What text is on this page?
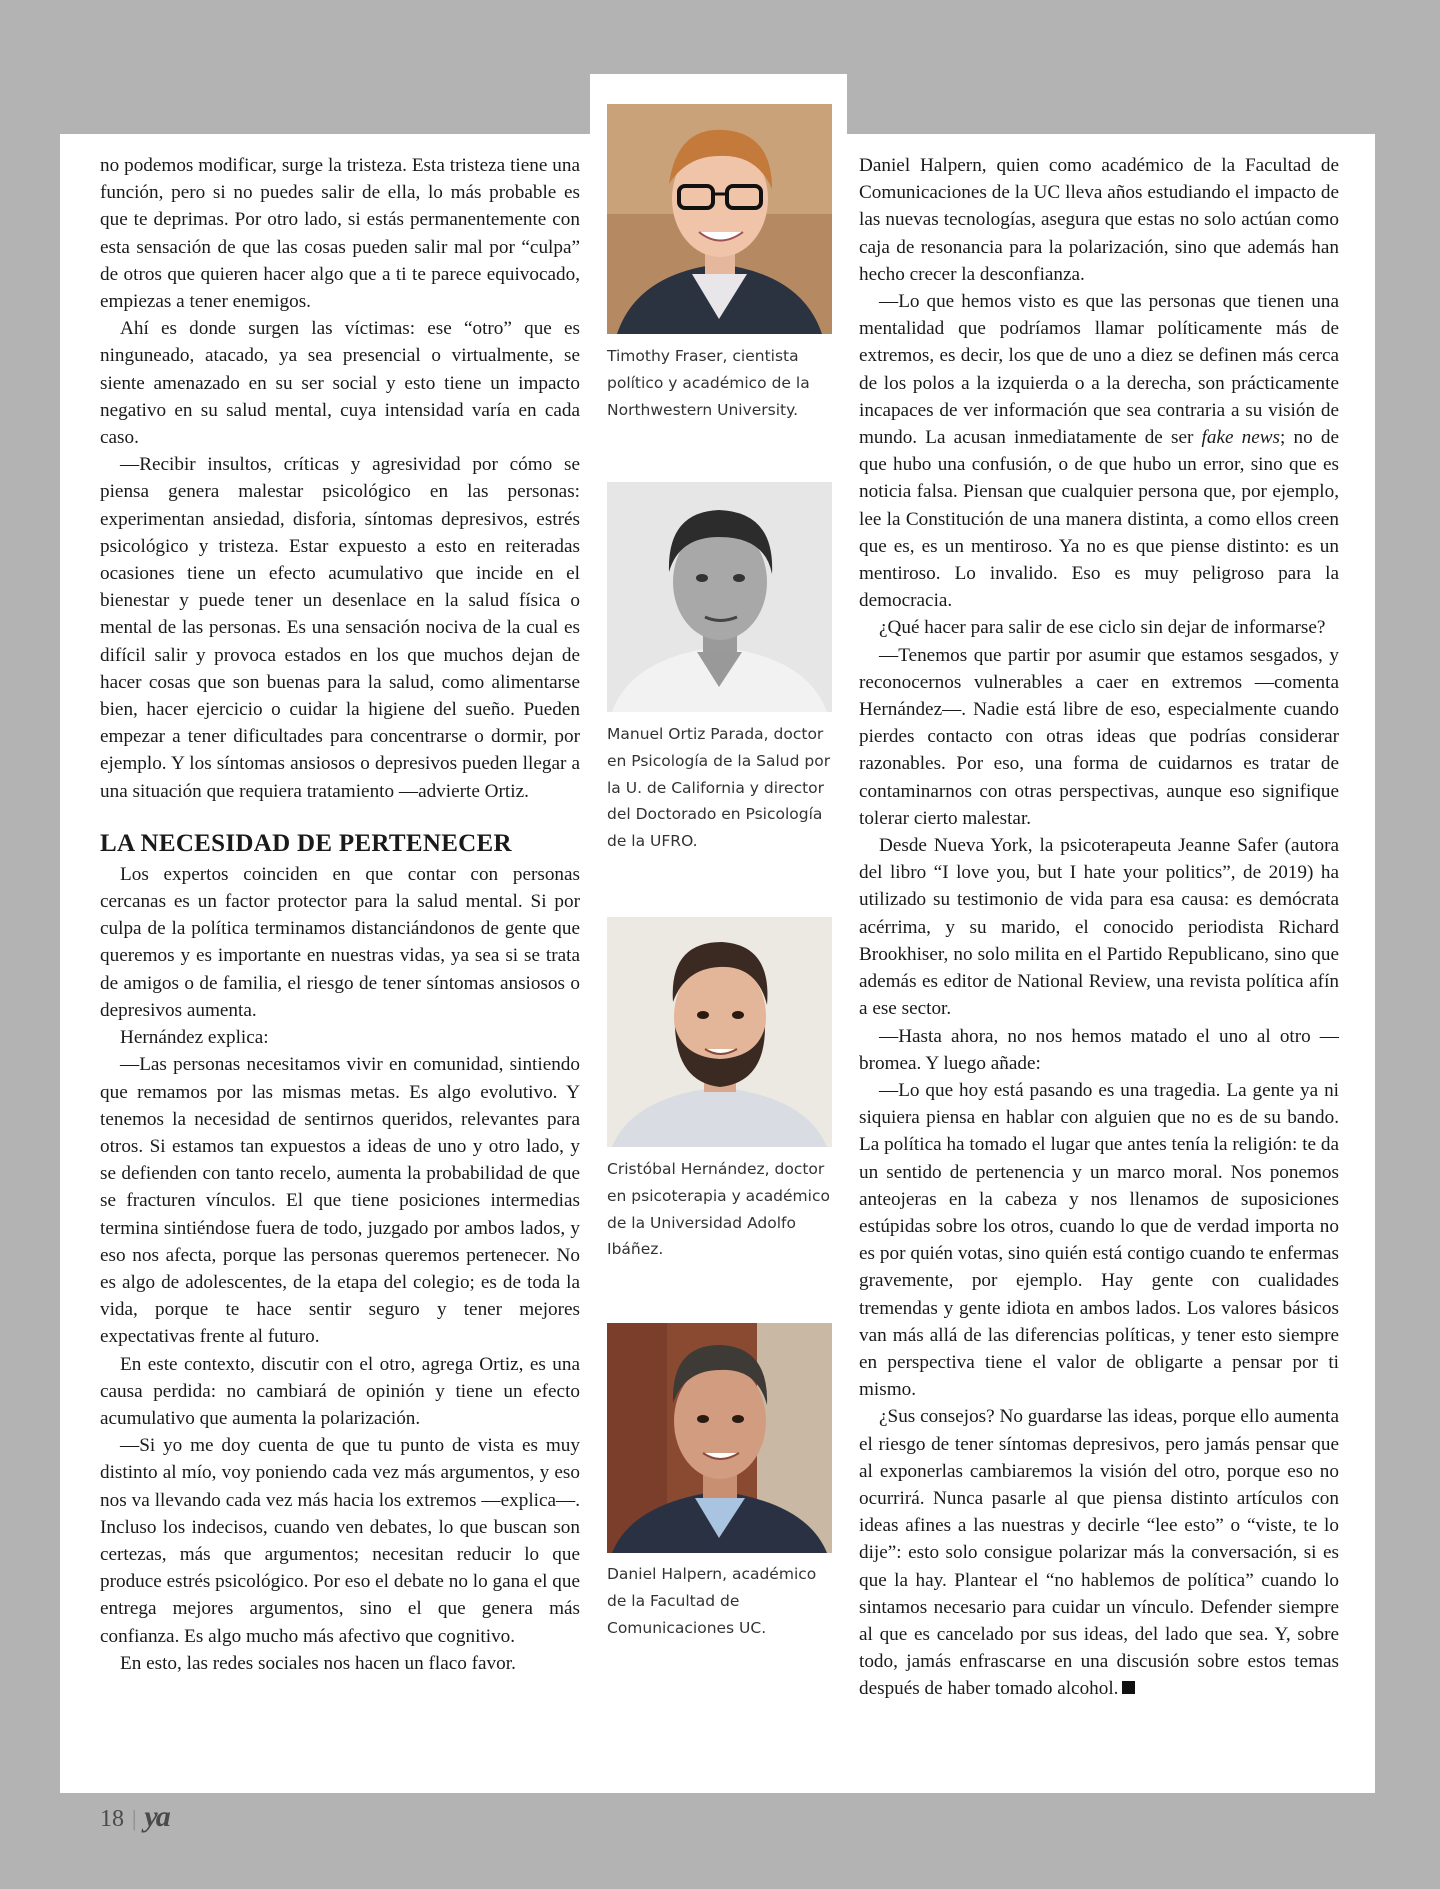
no podemos modificar, surge la tristeza. Esta tristeza tiene una función, pero si no puedes salir de ella, lo más probable es que te deprimas. Por otro lado, si estás permanentemente con esta sensación de que las cosas pueden salir mal por “culpa” de otros que quieren hacer algo que a ti te parece equivocado, empiezas a tener enemigos.

Ahí es donde surgen las víctimas: ese “otro” que es ninguneado, atacado, ya sea presencial o virtualmente, se siente amenazado en su ser social y esto tiene un impacto negativo en su salud mental, cuya intensidad varía en cada caso.

—Recibir insultos, críticas y agresividad por cómo se piensa genera malestar psicológico en las personas: experimentan ansiedad, disforia, síntomas depresivos, estrés psicológico y tristeza. Estar expuesto a esto en reiteradas ocasiones tiene un efecto acumulativo que incide en el bienestar y puede tener un desenlace en la salud física o mental de las personas. Es una sensación nociva de la cual es difícil salir y provoca estados en los que muchos dejan de hacer cosas que son buenas para la salud, como alimentarse bien, hacer ejercicio o cuidar la higiene del sueño. Pueden empezar a tener dificultades para concentrarse o dormir, por ejemplo. Y los síntomas ansiosos o depresivos pueden llegar a una situación que requiera tratamiento —advierte Ortiz.

LA NECESIDAD DE PERTENECER

Los expertos coinciden en que contar con personas cercanas es un factor protector para la salud mental. Si por culpa de la política terminamos distanciándonos de gente que queremos y es importante en nuestras vidas, ya sea si se trata de amigos o de familia, el riesgo de tener síntomas ansiosos o depresivos aumenta.

Hernández explica:

—Las personas necesitamos vivir en comunidad, sintiendo que remamos por las mismas metas. Es algo evolutivo. Y tenemos la necesidad de sentirnos queridos, relevantes para otros. Si estamos tan expuestos a ideas de uno y otro lado, y se defienden con tanto recelo, aumenta la probabilidad de que se fracturen vínculos. El que tiene posiciones intermedias termina sintiéndose fuera de todo, juzgado por ambos lados, y eso nos afecta, porque las personas queremos pertenecer. No es algo de adolescentes, de la etapa del colegio; es de toda la vida, porque te hace sentir seguro y tener mejores expectativas frente al futuro.

En este contexto, discutir con el otro, agrega Ortiz, es una causa perdida: no cambiará de opinión y tiene un efecto acumulativo que aumenta la polarización.

—Si yo me doy cuenta de que tu punto de vista es muy distinto al mío, voy poniendo cada vez más argumentos, y eso nos va llevando cada vez más hacia los extremos —explica—. Incluso los indecisos, cuando ven debates, lo que buscan son certezas, más que argumentos; necesitan reducir lo que produce estrés psicológico. Por eso el debate no lo gana el que entrega mejores argumentos, sino el que genera más confianza. Es algo mucho más afectivo que cognitivo.

En esto, las redes sociales nos hacen un flaco favor.

Timothy Fraser, cientista político y académico de la Northwestern University.
Manuel Ortiz Parada, doctor en Psicología de la Salud por la U. de California y director del Doctorado en Psicología de la UFRO.
Cristóbal Hernández, doctor en psicoterapia y académico de la Universidad Adolfo Ibáñez.
Daniel Halpern, académico de la Facultad de Comunicaciones UC.

Daniel Halpern, quien como académico de la Facultad de Comunicaciones de la UC lleva años estudiando el impacto de las nuevas tecnologías, asegura que estas no solo actúan como caja de resonancia para la polarización, sino que además han hecho crecer la desconfianza.

—Lo que hemos visto es que las personas que tienen una mentalidad que podríamos llamar políticamente más de extremos, es decir, los que de uno a diez se definen más cerca de los polos a la izquierda o a la derecha, son prácticamente incapaces de ver información que sea contraria a su visión de mundo. La acusan inmediatamente de ser fake news; no de que hubo una confusión, o de que hubo un error, sino que es noticia falsa. Piensan que cualquier persona que, por ejemplo, lee la Constitución de una manera distinta, a como ellos creen que es, es un mentiroso. Ya no es que piense distinto: es un mentiroso. Lo invalido. Eso es muy peligroso para la democracia.

¿Qué hacer para salir de ese ciclo sin dejar de informarse?

—Tenemos que partir por asumir que estamos sesgados, y reconocernos vulnerables a caer en extremos —comenta Hernández—. Nadie está libre de eso, especialmente cuando pierdes contacto con otras ideas que podrías considerar razonables. Por eso, una forma de cuidarnos es tratar de contaminarnos con otras perspectivas, aunque eso signifique tolerar cierto malestar.

Desde Nueva York, la psicoterapeuta Jeanne Safer (autora del libro “I love you, but I hate your politics”, de 2019) ha utilizado su testimonio de vida para esa causa: es demócrata acérrima, y su marido, el conocido periodista Richard Brookhiser, no solo milita en el Partido Republicano, sino que además es editor de National Review, una revista política afín a ese sector.

—Hasta ahora, no nos hemos matado el uno al otro —bromea. Y luego añade:

—Lo que hoy está pasando es una tragedia. La gente ya ni siquiera piensa en hablar con alguien que no es de su bando. La política ha tomado el lugar que antes tenía la religión: te da un sentido de pertenencia y un marco moral. Nos ponemos anteojeras en la cabeza y nos llenamos de suposiciones estúpidas sobre los otros, cuando lo que de verdad importa no es por quién votas, sino quién está contigo cuando te enfermas gravemente, por ejemplo. Hay gente con cualidades tremendas y gente idiota en ambos lados. Los valores básicos van más allá de las diferencias políticas, y tener esto siempre en perspectiva tiene el valor de obligarte a pensar por ti mismo.

¿Sus consejos? No guardarse las ideas, porque ello aumenta el riesgo de tener síntomas depresivos, pero jamás pensar que al exponerlas cambiaremos la visión del otro, porque eso no ocurrirá. Nunca pasarle al que piensa distinto artículos con ideas afines a las nuestras y decirle “lee esto” o “viste, te lo dije”: esto solo consigue polarizar más la conversación, si es que la hay. Plantear el “no hablemos de política” cuando lo sintamos necesario para cuidar un vínculo. Defender siempre al que es cancelado por sus ideas, del lado que sea. Y, sobre todo, jamás enfrascarse en una discusión sobre estos temas después de haber tomado alcohol.

18 | ya
